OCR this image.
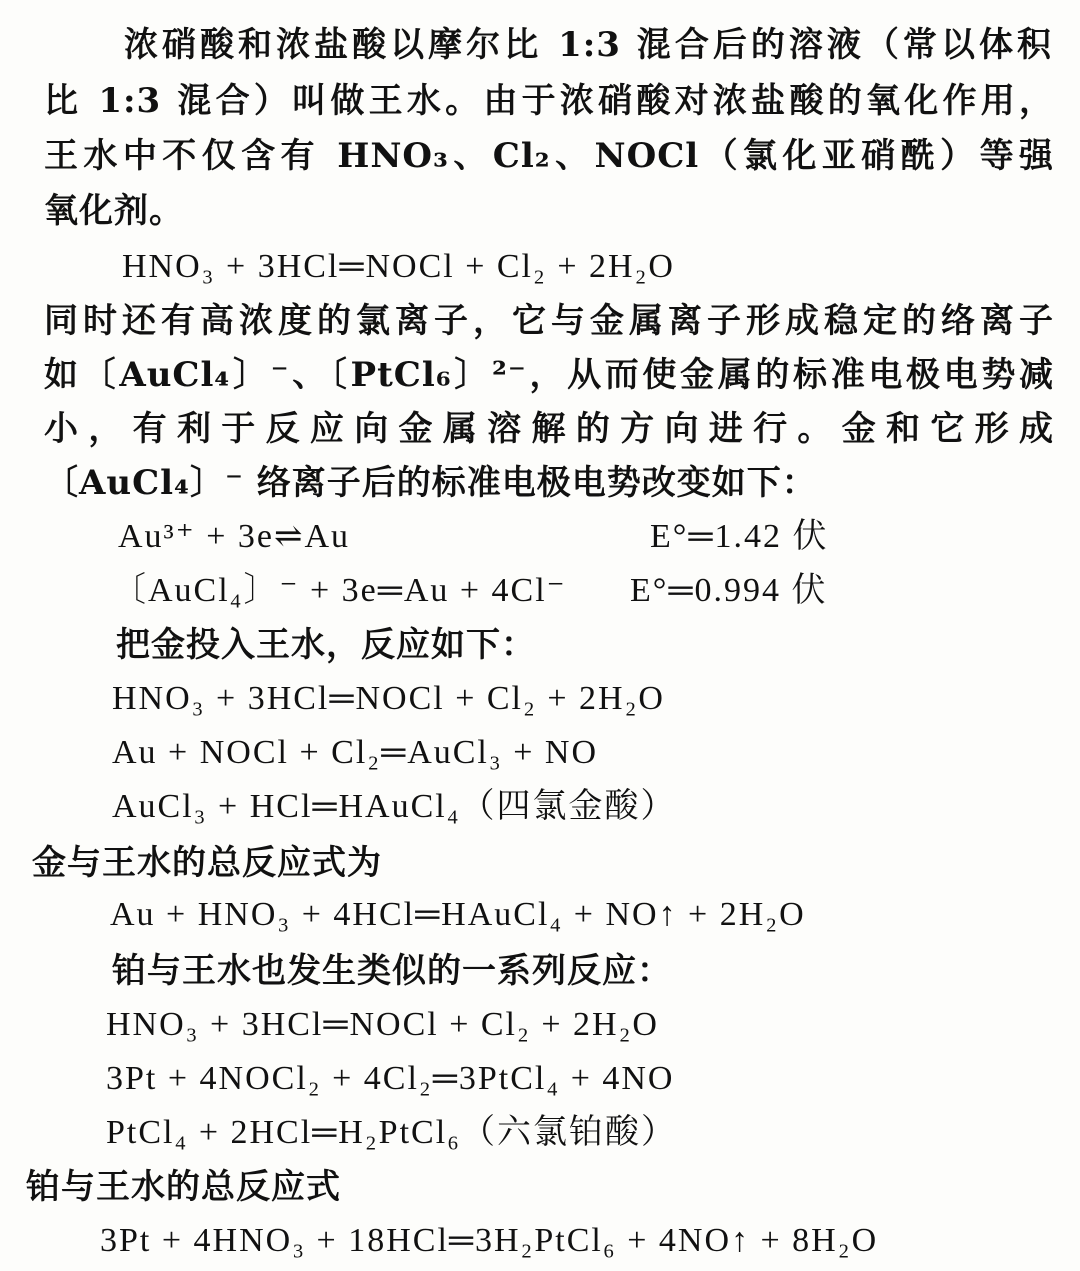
浓硝酸和浓盐酸以摩尔比 1:3 混合后的溶液（常以体积
比 1:3 混合）叫做王水。由于浓硝酸对浓盐酸的氧化作用，
王水中不仅含有 HNO₃、Cl₂、NOCl（氯化亚硝酰）等强
氧化剂。
HNO₃ + 3HCl═NOCl + Cl₂ + 2H₂O
同时还有高浓度的氯离子，它与金属离子形成稳定的络离子
如〔AuCl₄〕⁻、〔PtCl₆〕²⁻，从而使金属的标准电极电势减
小，有利于反应向金属溶解的方向进行。金和它形成
〔AuCl₄〕⁻ 络离子后的标准电极电势改变如下：
Au³⁺ + 3e⇌Au	E°═1.42 伏
〔AuCl₄〕⁻ + 3e═Au + 4Cl⁻ E°═0.994 伏
把金投入王水，反应如下：
HNO₃ + 3HCl═NOCl + Cl₂ + 2H₂O
Au + NOCl + Cl₂═AuCl₃ + NO
AuCl₃ + HCl═HAuCl₄（四氯金酸）
金与王水的总反应式为
Au + HNO₃ + 4HCl═HAuCl₄ + NO↑ + 2H₂O
铂与王水也发生类似的一系列反应：
HNO₃ + 3HCl═NOCl + Cl₂ + 2H₂O
3Pt + 4NOCl₂ + 4Cl₂═3PtCl₄ + 4NO
PtCl₄ + 2HCl═H₂PtCl₆（六氯铂酸）
铂与王水的总反应式
3Pt + 4HNO₃ + 18HCl═3H₂PtCl₆ + 4NO↑ + 8H₂O
